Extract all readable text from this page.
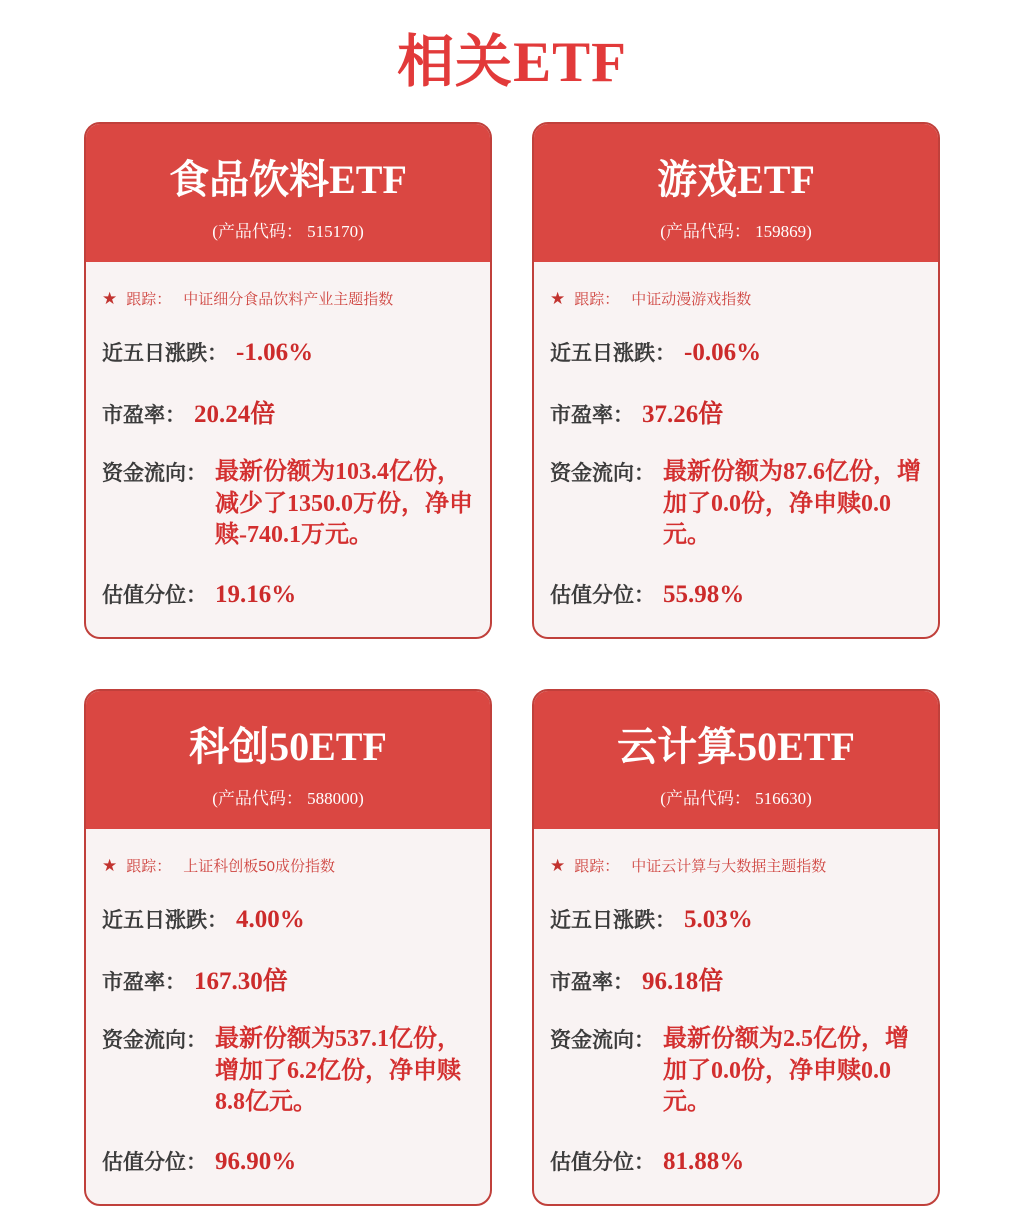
相关ETF
食品饮料ETF
(产品代码： 515170)
★ 跟踪： 中证细分食品饮料产业主题指数
近五日涨跌： -1.06%
市盈率： 20.24倍
资金流向： 最新份额为103.4亿份，减少了1350.0万份，净申赎-740.1万元。
估值分位： 19.16%
游戏ETF
(产品代码： 159869)
★ 跟踪： 中证动漫游戏指数
近五日涨跌： -0.06%
市盈率： 37.26倍
资金流向： 最新份额为87.6亿份，增加了0.0份，净申赎0.0元。
估值分位： 55.98%
科创50ETF
(产品代码： 588000)
★ 跟踪： 上证科创板50成份指数
近五日涨跌： 4.00%
市盈率： 167.30倍
资金流向： 最新份额为537.1亿份，增加了6.2亿份，净申赎8.8亿元。
估值分位： 96.90%
云计算50ETF
(产品代码： 516630)
★ 跟踪： 中证云计算与大数据主题指数
近五日涨跌： 5.03%
市盈率： 96.18倍
资金流向： 最新份额为2.5亿份，增加了0.0份，净申赎0.0元。
估值分位： 81.88%
